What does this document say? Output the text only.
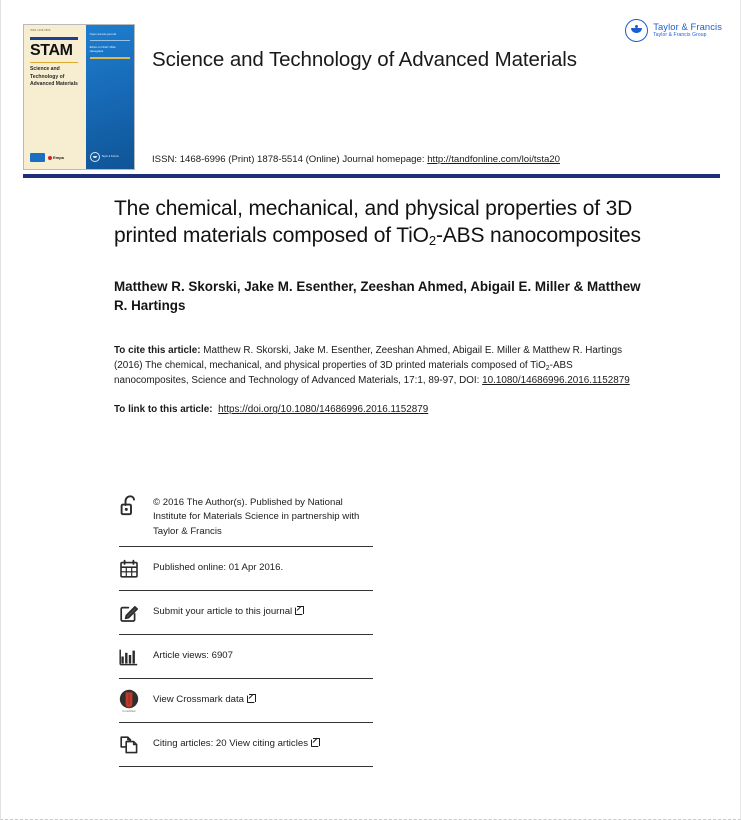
ISSN 1468-6996
STAM
Science and Technology of Advanced Materials
Empa
Open access journal
Editor-in-Chief: Mike Hasegawa
Taylor & Francis
Science and Technology of Advanced Materials
Taylor & Francis
Taylor & Francis Group
ISSN: 1468-6996 (Print) 1878-5514 (Online) Journal homepage: http://tandfonline.com/loi/tsta20
The chemical, mechanical, and physical properties of 3D printed materials composed of TiO$_2$-ABS nanocomposites
Matthew R. Skorski, Jake M. Esenther, Zeeshan Ahmed, Abigail E. Miller & Matthew R. Hartings
To cite this article: Matthew R. Skorski, Jake M. Esenther, Zeeshan Ahmed, Abigail E. Miller & Matthew R. Hartings (2016) The chemical, mechanical, and physical properties of 3D printed materials composed of TiO$_2$-ABS nanocomposites, Science and Technology of Advanced Materials, 17:1, 89-97, DOI: 10.1080/14686996.2016.1152879
To link to this article: https://doi.org/10.1080/14686996.2016.1152879
© 2016 The Author(s). Published by National Institute for Materials Science in partnership with Taylor & Francis
Published online: 01 Apr 2016.
Submit your article to this journal
Article views: 6907
CrossMark
View Crossmark data
Citing articles: 20 View citing articles
